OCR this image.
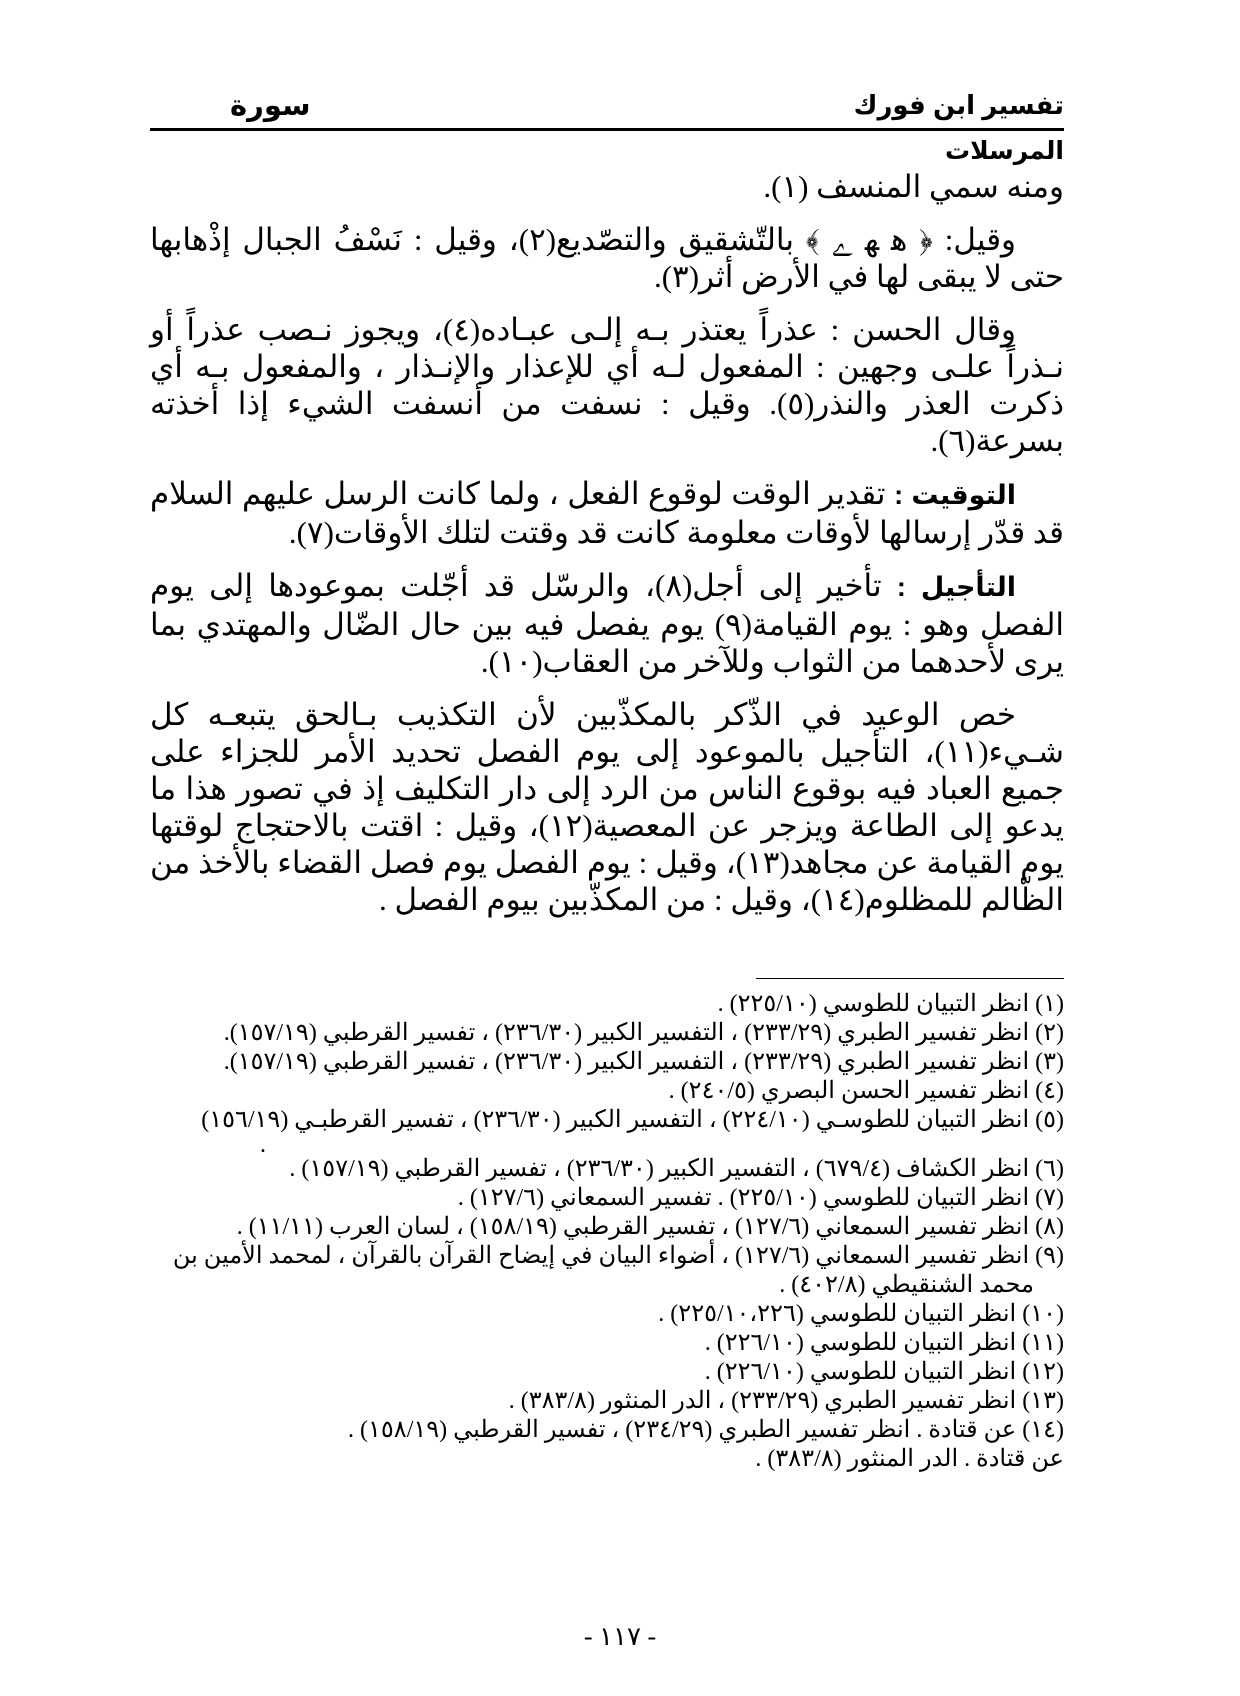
تفسير ابن فورك
سورة
المرسلات

ومنه سمي المنسف (١).

وقيل: ﴿ ﮬ ﮭ ﮮ ﴾ بالتّشقيق والتصّديع(٢)، وقيل : نَسْفُ الجبال إذْهابها حتى لا يبقى لها في الأرض أثر(٣).

وقال الحسن : عذراً يعتذر بـه إلـى عبـاده(٤)، ويجوز نـصب عذراً أو نـذراً علـى وجهين : المفعول لـه أي للإعذار والإنـذار ، والمفعول بـه أي ذكرت العذر والنذر(٥). وقيل : نسفت من أنسفت الشيء إذا أخذته بسرعة(٦).

التوقيت : تقدير الوقت لوقوع الفعل ، ولما كانت الرسل عليهم السلام قد قدّر إرسالها لأوقات معلومة كانت قد وقتت لتلك الأوقات(٧).

التأجيل : تأخير إلى أجل(٨)، والرسّل قد أجّلت بموعودها إلى يوم الفصل وهو : يوم القيامة(٩) يوم يفصل فيه بين حال الضّال والمهتدي بما يرى لأحدهما من الثواب وللآخر من العقاب(١٠).

خص الوعيد في الذّكر بالمكذّبين لأن التكذيب بـالحق يتبعـه كل شـيء(١١)، التأجيل بالموعود إلى يوم الفصل تحديد الأمر للجزاء على جميع العباد فيه بوقوع الناس من الرد إلى دار التكليف إذ في تصور هذا ما يدعو إلى الطاعة ويزجر عن المعصية(١٢)، وقيل : اقتت بالاحتجاج لوقتها يوم القيامة عن مجاهد(١٣)، وقيل : يوم الفصل يوم فصل القضاء بالأخذ من الظّالم للمظلوم(١٤)، وقيل : من المكذّبين بيوم الفصل .

(١) انظر التبيان للطوسي (٢٢٥/١٠) .

(٢) انظر تفسير الطبري (٢٣٣/٢٩) ، التفسير الكبير (٢٣٦/٣٠) ، تفسير القرطبي (١٥٧/١٩).

(٣) انظر تفسير الطبري (٢٣٣/٢٩) ، التفسير الكبير (٢٣٦/٣٠) ، تفسير القرطبي (١٥٧/١٩).

(٤) انظر تفسير الحسن البصري (٢٤٠/٥) .

(٥) انظر التبيان للطوسـي (٢٢٤/١٠) ، التفسير الكبير (٢٣٦/٣٠) ، تفسير القرطبـي (١٥٦/١٩)

.

(٦) انظر الكشاف (٦٧٩/٤) ، التفسير الكبير (٢٣٦/٣٠) ، تفسير القرطبي (١٥٧/١٩) .

(٧) انظر التبيان للطوسي (٢٢٥/١٠) . تفسير السمعاني (١٢٧/٦) .

(٨) انظر تفسير السمعاني (١٢٧/٦) ، تفسير القرطبي (١٥٨/١٩) ، لسان العرب (١١/١١) .

(٩) انظر تفسير السمعاني (١٢٧/٦) ، أضواء البيان في إيضاح القرآن بالقرآن ، لمحمد الأمين بن

محمد الشنقيطي (٤٠٢/٨) .

(١٠) انظر التبيان للطوسي (٢٢٥/١٠،٢٢٦) .

(١١) انظر التبيان للطوسي (٢٢٦/١٠) .

(١٢) انظر التبيان للطوسي (٢٢٦/١٠) .

(١٣) انظر تفسير الطبري (٢٣٣/٢٩) ، الدر المنثور (٣٨٣/٨) .

(١٤) عن قتادة . انظر تفسير الطبري (٢٣٤/٢٩) ، تفسير القرطبي (١٥٨/١٩) .

عن قتادة . الدر المنثور (٣٨٣/٨) .

- ١١٧ -
